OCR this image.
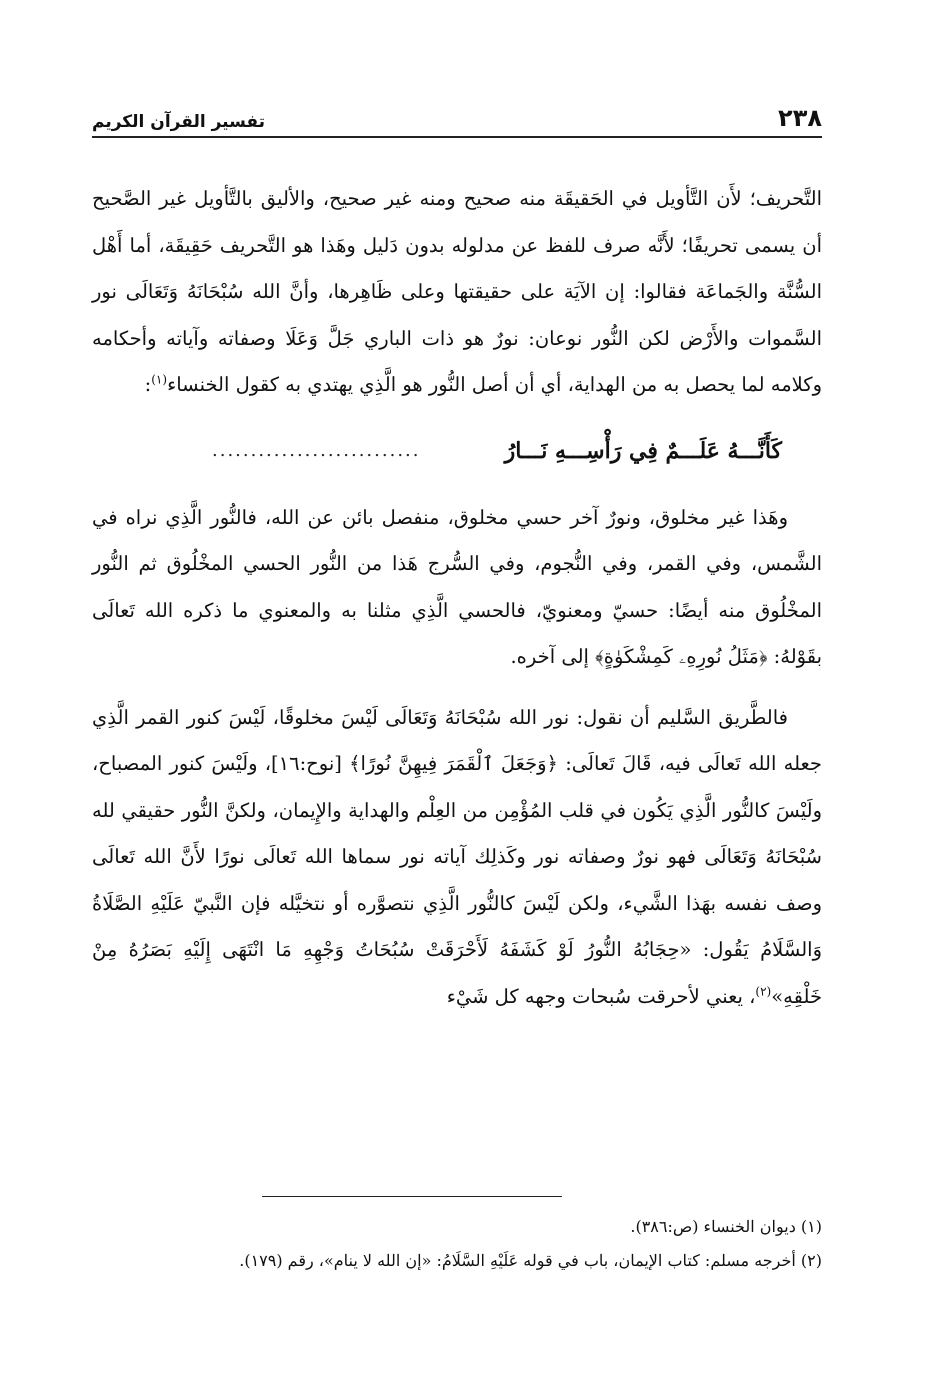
٢٣٨
تفسير القرآن الكريم

التَّحريف؛ لأَن التَّأويل في الحَقيقَة منه صحيح ومنه غير صحيح، والأليق بالتَّأويل غير الصَّحيح أن يسمى تحريفًا؛ لأَنَّه صرف للفظ عن مدلوله بدون دَليل وهَذا هو التَّحريف حَقِيقَة، أما أَهْل السُّنَّة والجَماعَة فقالوا: إن الآيَة على حقيقتها وعلى ظَاهِرها، وأنَّ الله سُبْحَانَهُ وَتَعَالَى نور السَّموات والأَرْض لكن النُّور نوعان: نورٌ هو ذات الباري جَلَّ وَعَلَا وصفاته وآياته وأحكامه وكلامه لما يحصل به من الهداية، أي أن أصل النُّور هو الَّذِي يهتدي به كقول الخنساء$^{(١)}$:

كَأَنَّـــهُ عَلَـــمٌ فِي رَأْسِـــهِ نَـــارُ
...........................

وهَذا غير مخلوق، ونورٌ آخر حسي مخلوق، منفصل بائن عن الله، فالنُّور الَّذِي نراه في الشَّمس، وفي القمر، وفي النُّجوم، وفي السُّرج هَذا من النُّور الحسي المخْلُوق ثم النُّور المخْلُوق منه أيضًا: حسيّ ومعنويّ، فالحسي الَّذِي مثلنا به والمعنوي ما ذكره الله تَعالَى بقَوْلهُ: ﴿مَثَلُ نُورِهِۦ كَمِشْكَوٰةٍ﴾ إلى آخره.

فالطَّريق السَّليم أن نقول: نور الله سُبْحَانَهُ وَتَعَالَى لَيْسَ مخلوقًا، لَيْسَ كنور القمر الَّذِي جعله الله تَعالَى فيه، قَالَ تَعالَى: ﴿وَجَعَلَ ٱلْقَمَرَ فِيهِنَّ نُورًا﴾ [نوح:١٦]، ولَيْسَ كنور المصباح، ولَيْسَ كالنُّور الَّذِي يَكُون في قلب المُؤْمِن من العِلْم والهداية والإِيمان، ولكنَّ النُّور حقيقي لله سُبْحَانَهُ وَتَعَالَى فهو نورٌ وصفاته نور وكَذلِك آياته نور سماها الله تَعالَى نورًا لأَنَّ الله تَعالَى وصف نفسه بهَذا الشَّيء، ولكن لَيْسَ كالنُّور الَّذِي نتصوَّره أو نتخيَّله فإن النَّبيّ عَلَيْهِ الصَّلَاةُ وَالسَّلَامُ يَقُول: «حِجَابُهُ النُّورُ لَوْ كَشَفَهُ لَأَحْرَقَتْ سُبُحَاتُ وَجْهِهِ مَا انْتَهَى إِلَيْهِ بَصَرُهُ مِنْ خَلْقِهِ»$^{(٢)}$، يعني لأحرقت سُبحات وجهه كل شَيْء

(١) ديوان الخنساء (ص:٣٨٦).

(٢) أخرجه مسلم: كتاب الإيمان، باب في قوله عَلَيْهِ السَّلَامُ: «إن الله لا ينام»، رقم (١٧٩).
